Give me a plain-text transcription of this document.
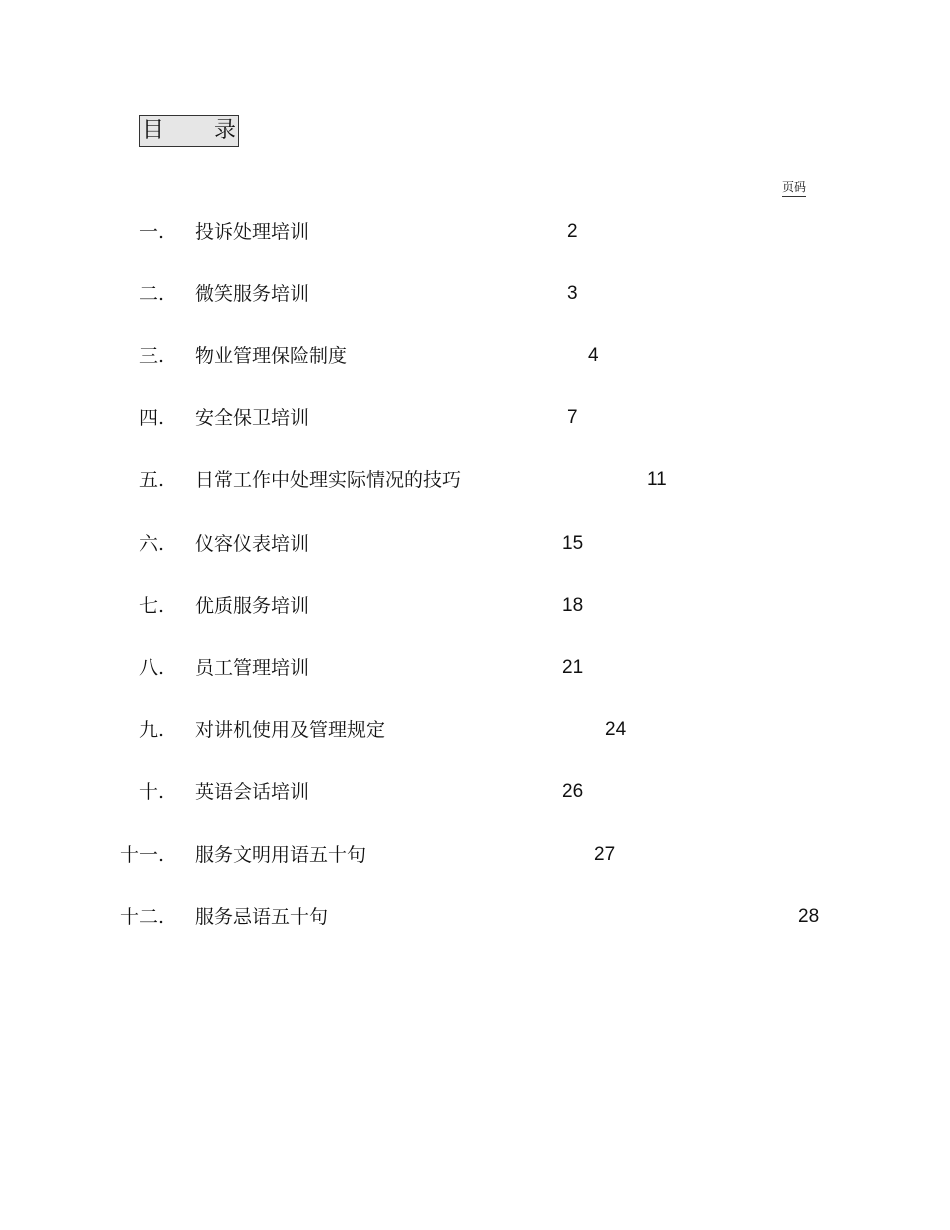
目 录
页码
一. 投诉处理培训	2
二. 微笑服务培训	3
三. 物业管理保险制度	4
四. 安全保卫培训	7
五. 日常工作中处理实际情况的技巧	11
六. 仪容仪表培训	15
七. 优质服务培训	18
八. 员工管理培训	21
九. 对讲机使用及管理规定	24
十. 英语会话培训	26
十一. 服务文明用语五十句	27
十二. 服务忌语五十句	28
